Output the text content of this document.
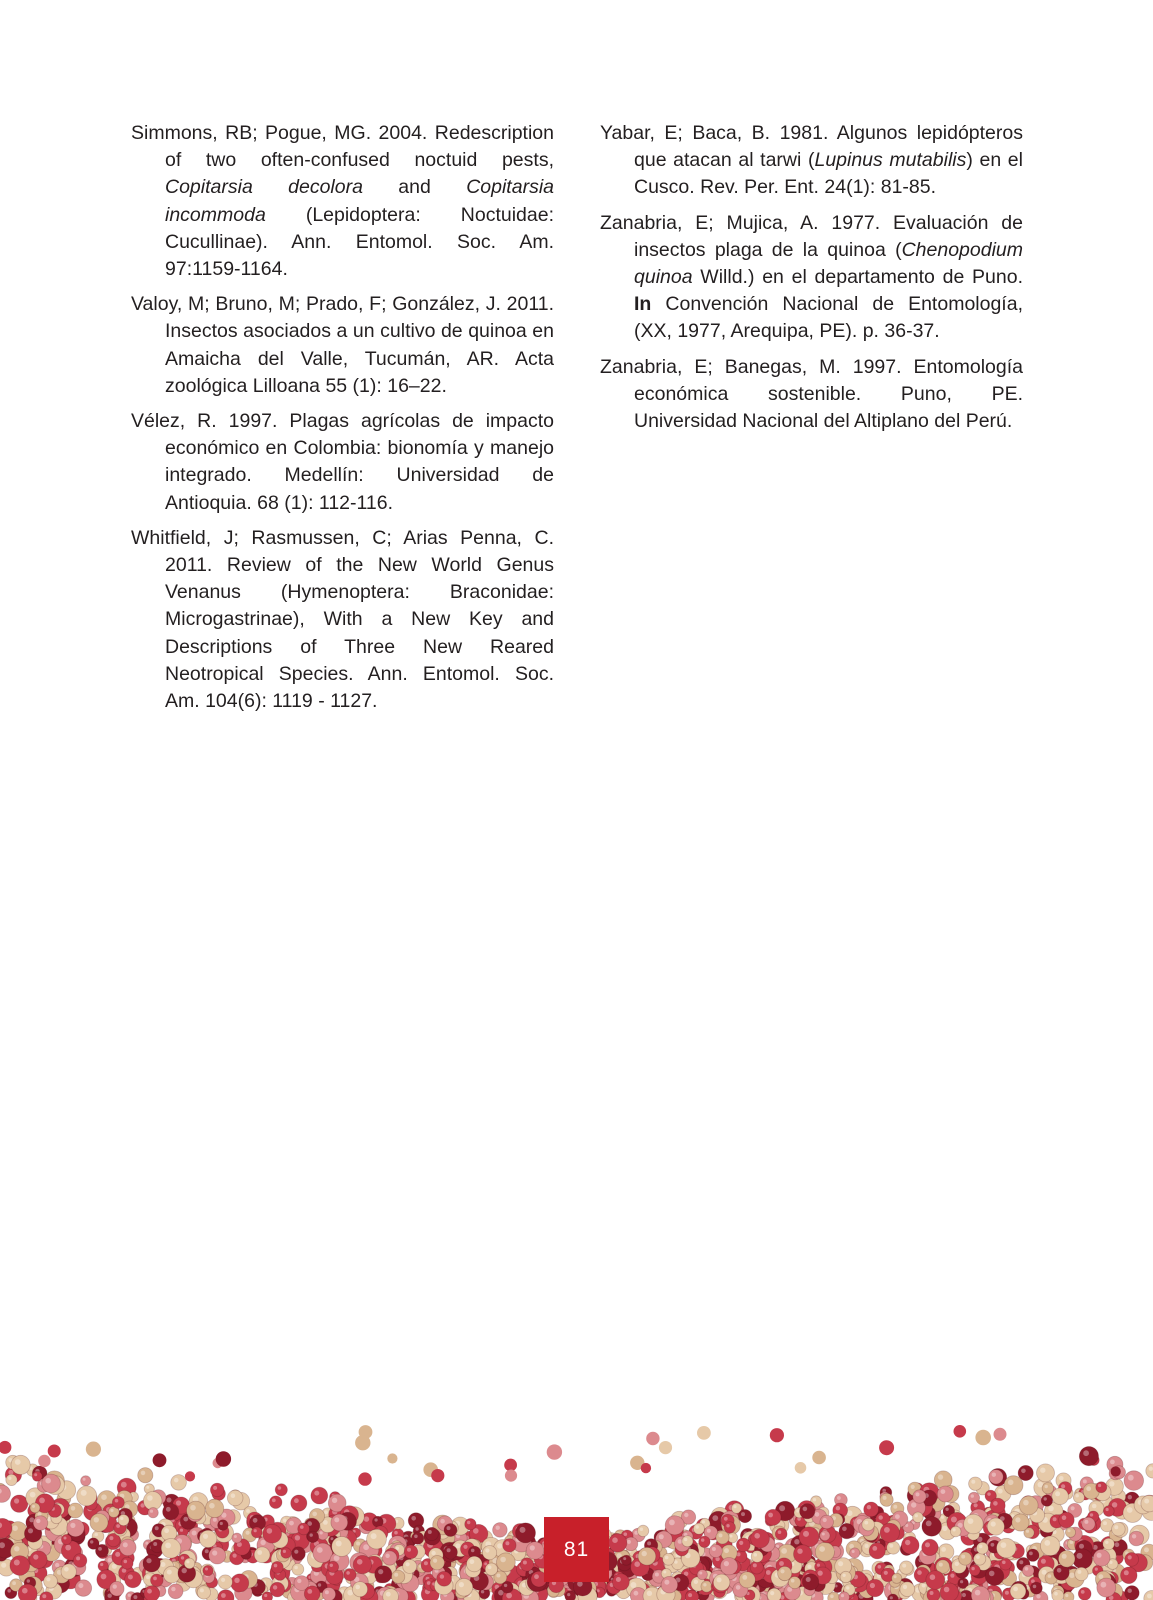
Simmons, RB; Pogue, MG. 2004. Redescription of two often-confused noctuid pests, Copitarsia decolora and Copitarsia incommoda (Lepidoptera: Noctuidae: Cucullinae). Ann. Entomol. Soc. Am. 97:1159-1164.

Valoy, M; Bruno, M; Prado, F; González, J. 2011. Insectos asociados a un cultivo de quinoa en Amaicha del Valle, Tucumán, AR. Acta zoológica Lilloana 55 (1): 16–22.

Vélez, R. 1997. Plagas agrícolas de impacto económico en Colombia: bionomía y manejo integrado. Medellín: Universidad de Antioquia. 68 (1): 112-116.

Whitfield, J; Rasmussen, C; Arias Penna, C. 2011. Review of the New World Genus Venanus (Hymenoptera: Braconidae: Microgastrinae), With a New Key and Descriptions of Three New Reared Neotropical Species. Ann. Entomol. Soc. Am. 104(6): 1119 - 1127.

Yabar, E; Baca, B. 1981. Algunos lepidópteros que atacan al tarwi (Lupinus mutabilis) en el Cusco. Rev. Per. Ent. 24(1): 81-85.

Zanabria, E; Mujica, A. 1977. Evaluación de insectos plaga de la quinoa (Chenopodium quinoa Willd.) en el departamento de Puno. In Convención Nacional de Entomología, (XX, 1977, Arequipa, PE). p. 36-37.

Zanabria, E; Banegas, M. 1997. Entomología económica sostenible. Puno, PE. Universidad Nacional del Altiplano del Perú.

81
